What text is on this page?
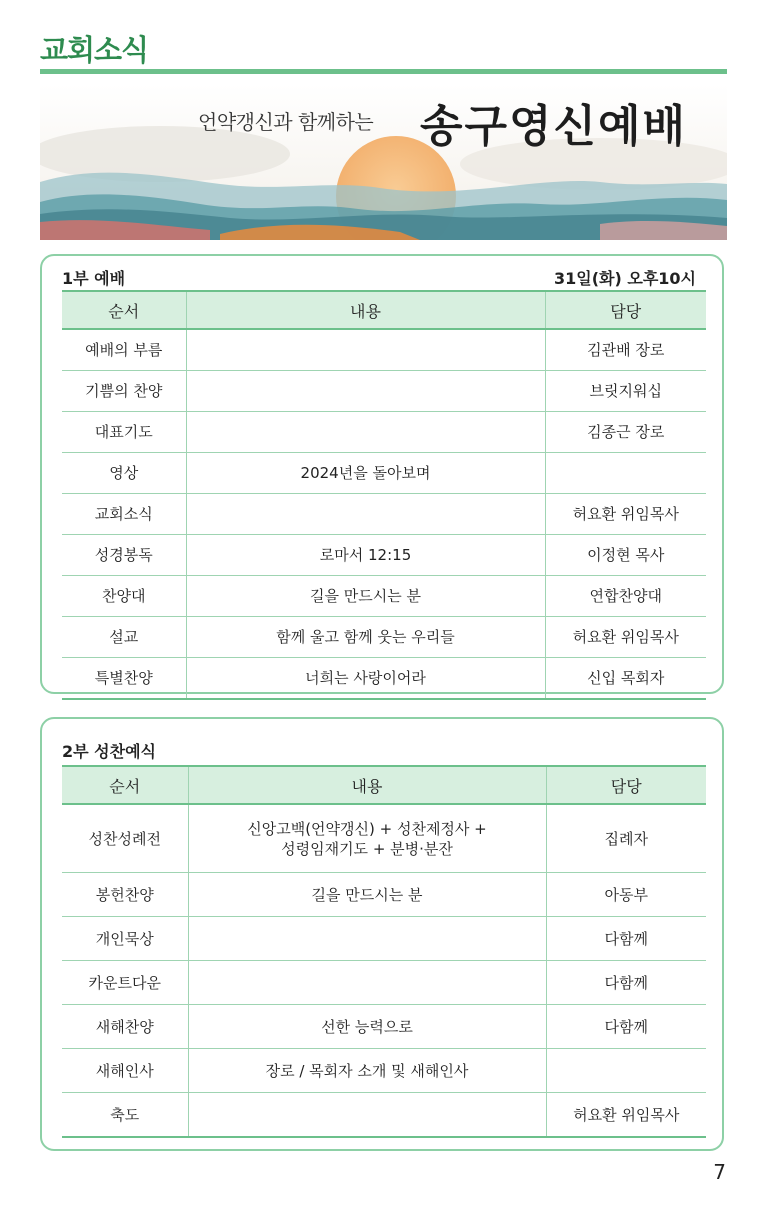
교회소식
언약갱신과 함께하는 송구영신예배
1부 예배	31일(화) 오후10시
순서	내용	담당
예배의 부름		김관배 장로
기쁨의 찬양		브릿지워십
대표기도		김종근 장로
영상	2024년을 돌아보며	
교회소식		허요환 위임목사
성경봉독	로마서 12:15	이정현 목사
찬양대	길을 만드시는 분	연합찬양대
설교	함께 울고 함께 웃는 우리들	허요환 위임목사
특별찬양	너희는 사랑이어라	신입 목회자
2부 성찬예식
순서	내용	담당
성찬성례전	신앙고백(언약갱신) + 성찬제정사 +
성령임재기도 + 분병·분잔	집례자
봉헌찬양	길을 만드시는 분	아동부
개인묵상		다함께
카운트다운		다함께
새해찬양	선한 능력으로	다함께
새해인사	장로 / 목회자 소개 및 새해인사	
축도		허요환 위임목사
7
